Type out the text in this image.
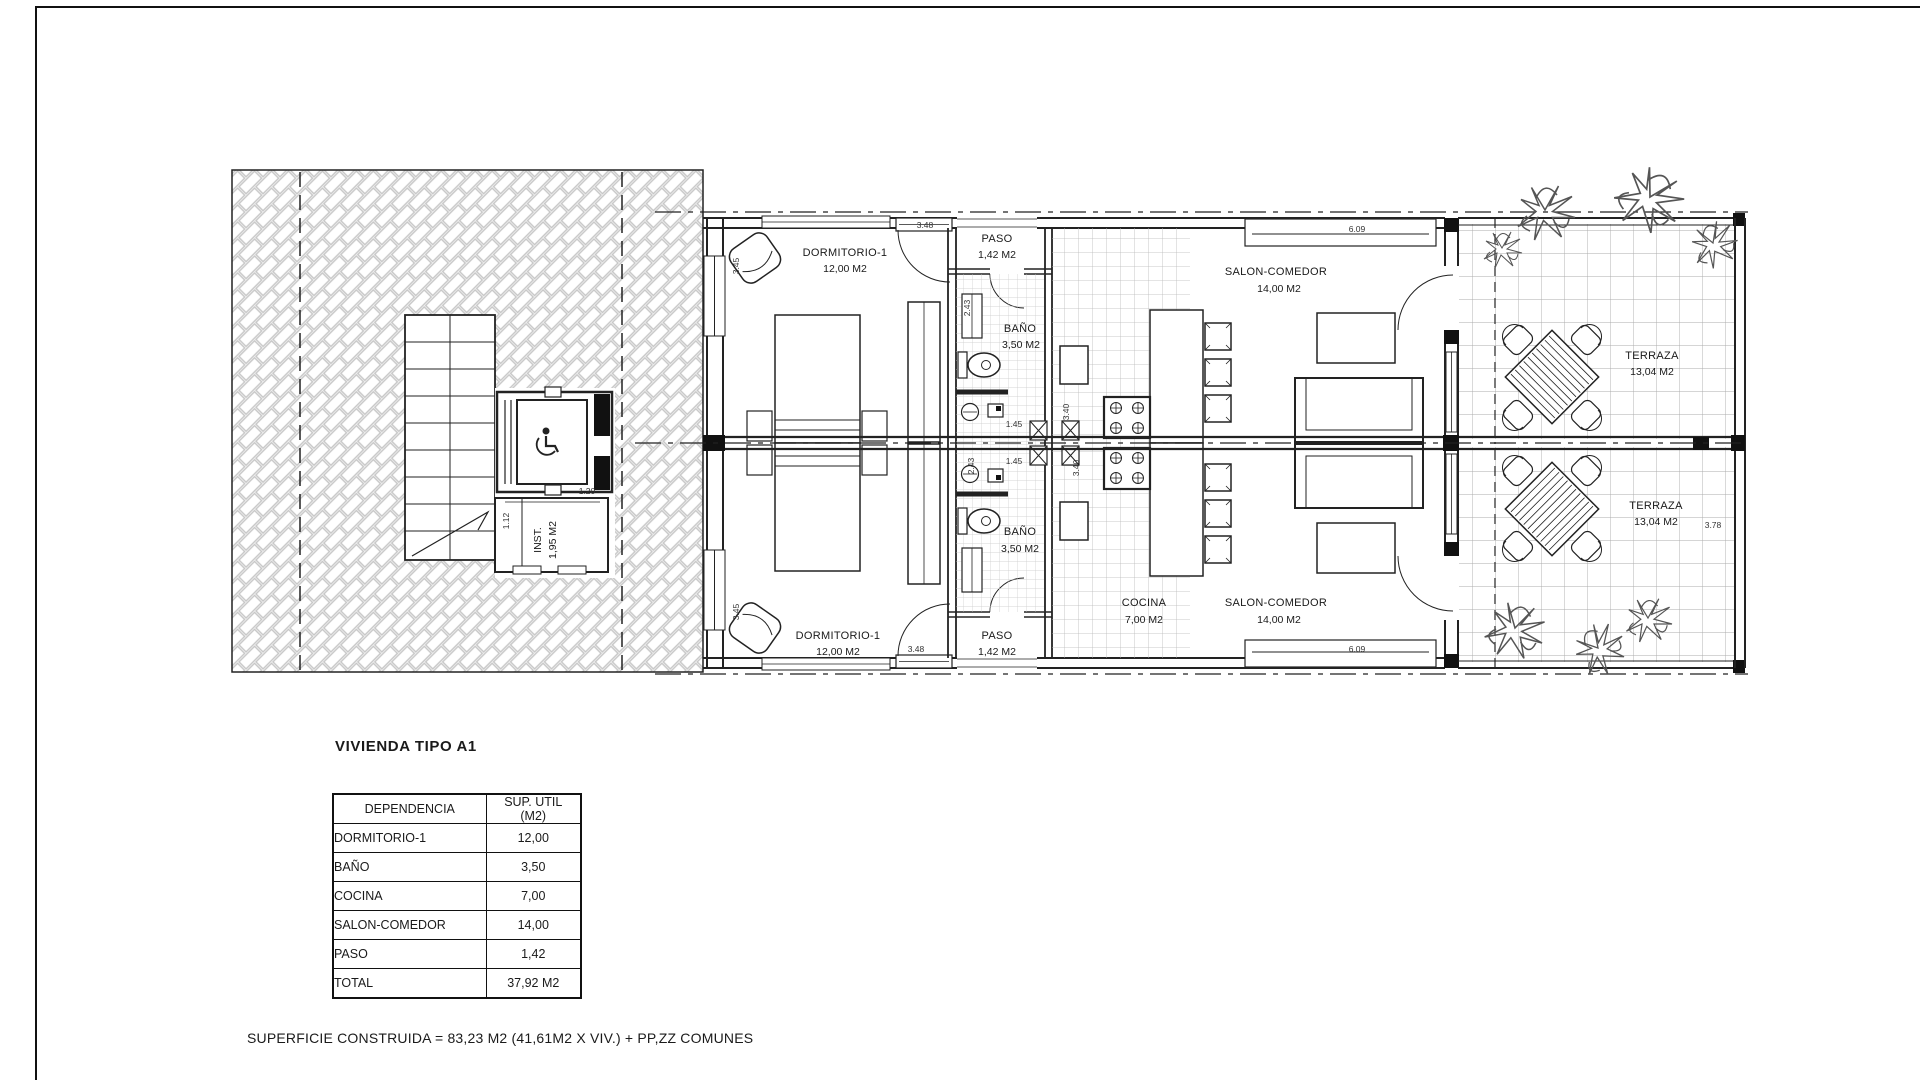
DORMITORIO-1
12,00 M2
PASO
1,42 M2
BAÑO
3,50 M2
SALON-COMEDOR
14,00 M2
TERRAZA
13,04 M2
DORMITORIO-1
12,00 M2
PASO
1,42 M2
BAÑO
3,50 M2
COCINA
7,00 M2
SALON-COMEDOR
14,00 M2
TERRAZA
13,04 M2
INST. 1,95 M2
3.45
3.45
3.48
3.48
1.45
1.45
3.40
3.40
2.43
2.43
6.09
6.09
1.12
1.20
3.78
VIVIENDA TIPO A1
DEPENDENCIA	SUP. UTIL (M2)
DORMITORIO-1	12,00
BAÑO	3,50
COCINA	7,00
SALON-COMEDOR	14,00
PASO	1,42
TOTAL	37,92 M2
SUPERFICIE CONSTRUIDA = 83,23 M2 (41,61M2 X VIV.) + PP,ZZ COMUNES
